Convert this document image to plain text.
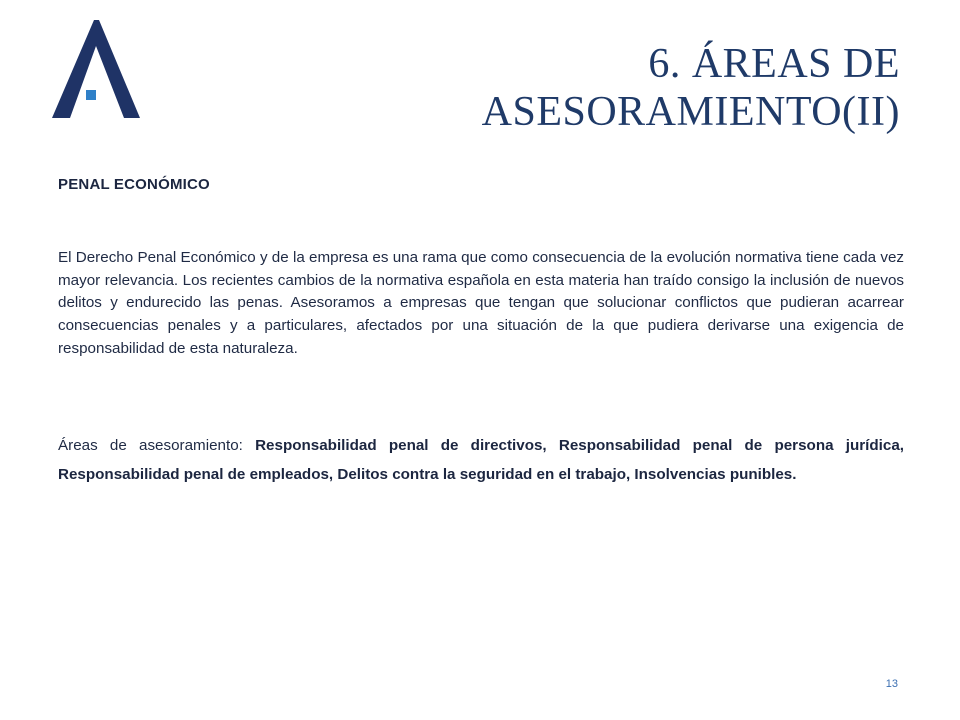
6. ÁREAS DE
ASESORAMIENTO(II)
PENAL ECONÓMICO

El Derecho Penal Económico y de la empresa es una rama que como consecuencia de la evolución normativa tiene cada vez mayor relevancia. Los recientes cambios de la normativa española en esta materia han traído consigo la inclusión de nuevos delitos y endurecido las penas. Asesoramos a empresas que tengan que solucionar conflictos que pudieran acarrear consecuencias penales y a particulares, afectados por una situación de la que pudiera derivarse una exigencia de responsabilidad de esta naturaleza.

Áreas de asesoramiento: Responsabilidad penal de directivos, Responsabilidad penal de persona jurídica, Responsabilidad penal de empleados, Delitos contra la seguridad en el trabajo, Insolvencias punibles.

13
